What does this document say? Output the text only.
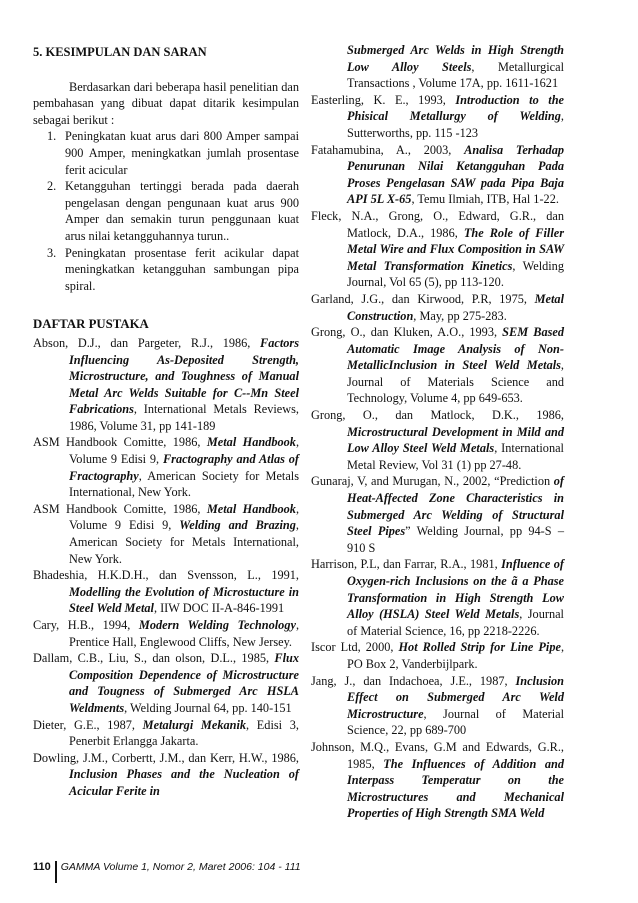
5. KESIMPULAN DAN SARAN

Berdasarkan dari beberapa hasil penelitian dan pembahasan yang dibuat dapat ditarik kesimpulan sebagai berikut :

1. Peningkatan kuat arus dari 800 Amper sampai 900 Amper, meningkatkan jumlah prosentase ferit acicular
2. Ketangguhan tertinggi berada pada daerah pengelasan dengan pengunaan kuat arus 900 Amper dan semakin turun penggunaan kuat arus nilai ketangguhannya turun..
3. Peningkatan prosentase ferit acikular dapat meningkatkan ketangguhan sambungan pipa spiral.
DAFTAR PUSTAKA

Abson, D.J., dan Pargeter, R.J., 1986, Factors Influencing As-Deposited Strength, Microstructure, and Toughness of Manual Metal Arc Welds Suitable for C--Mn Steel Fabrications, International Metals Reviews, 1986, Volume 31, pp 141-189

ASM Handbook Comitte, 1986, Metal Handbook, Volume 9 Edisi 9, Fractography and Atlas of Fractography, American Society for Metals International, New York.

ASM Handbook Comitte, 1986, Metal Handbook, Volume 9 Edisi 9, Welding and Brazing, American Society for Metals International, New York.

Bhadeshia, H.K.D.H., dan Svensson, L., 1991, Modelling the Evolution of Microstucture in Steel Weld Metal, IIW DOC II-A-846-1991

Cary, H.B., 1994, Modern Welding Technology, Prentice Hall, Englewood Cliffs, New Jersey.

Dallam, C.B., Liu, S., dan olson, D.L., 1985, Flux Composition Dependence of Microstructure and Tougness of Submerged Arc HSLA Weldments, Welding Journal 64, pp. 140-151

Dieter, G.E., 1987, Metalurgi Mekanik, Edisi 3, Penerbit Erlangga Jakarta.

Dowling, J.M., Corbertt, J.M., dan Kerr, H.W., 1986, Inclusion Phases and the Nucleation of Acicular Ferite in

Submerged Arc Welds in High Strength Low Alloy Steels, Metallurgical Transactions , Volume 17A, pp. 1611-1621

Easterling, K. E., 1993, Introduction to the Phisical Metallurgy of Welding, Sutterworths, pp. 115 -123

Fatahamubina, A., 2003, Analisa Terhadap Penurunan Nilai Ketangguhan Pada Proses Pengelasan SAW pada Pipa Baja API 5L X-65, Temu Ilmiah, ITB, Hal 1-22.

Fleck, N.A., Grong, O., Edward, G.R., dan Matlock, D.A., 1986, The Role of Filler Metal Wire and Flux Composition in SAW Metal Transformation Kinetics, Welding Journal, Vol 65 (5), pp 113-120.

Garland, J.G., dan Kirwood, P.R, 1975, Metal Construction, May, pp 275-283.

Grong, O., dan Kluken, A.O., 1993, SEM Based Automatic Image Analysis of Non-MetallicInclusion in Steel Weld Metals, Journal of Materials Science and Technology, Volume 4, pp 649-653.

Grong, O., dan Matlock, D.K., 1986, Microstructural Development in Mild and Low Alloy Steel Weld Metals, International Metal Review, Vol 31 (1) pp 27-48.

Gunaraj, V, and Murugan, N., 2002, “Prediction of Heat-Affected Zone Characteristics in Submerged Arc Welding of Structural Steel Pipes” Welding Journal, pp 94-S – 910 S

Harrison, P.L, dan Farrar, R.A., 1981, Influence of Oxygen-rich Inclusions on the ã a Phase Transformation in High Strength Low Alloy (HSLA) Steel Weld Metals, Journal of Material Science, 16, pp 2218-2226.

Iscor Ltd, 2000, Hot Rolled Strip for Line Pipe, PO Box 2, Vanderbijlpark.

Jang, J., dan Indachoea, J.E., 1987, Inclusion Effect on Submerged Arc Weld Microstructure, Journal of Material Science, 22, pp 689-700

Johnson, M.Q., Evans, G.M and Edwards, G.R., 1985, The Influences of Addition and Interpass Temperatur on the Microstructures and Mechanical Properties of High Strength SMA Weld

110 GAMMA Volume 1, Nomor 2, Maret 2006: 104 - 111
